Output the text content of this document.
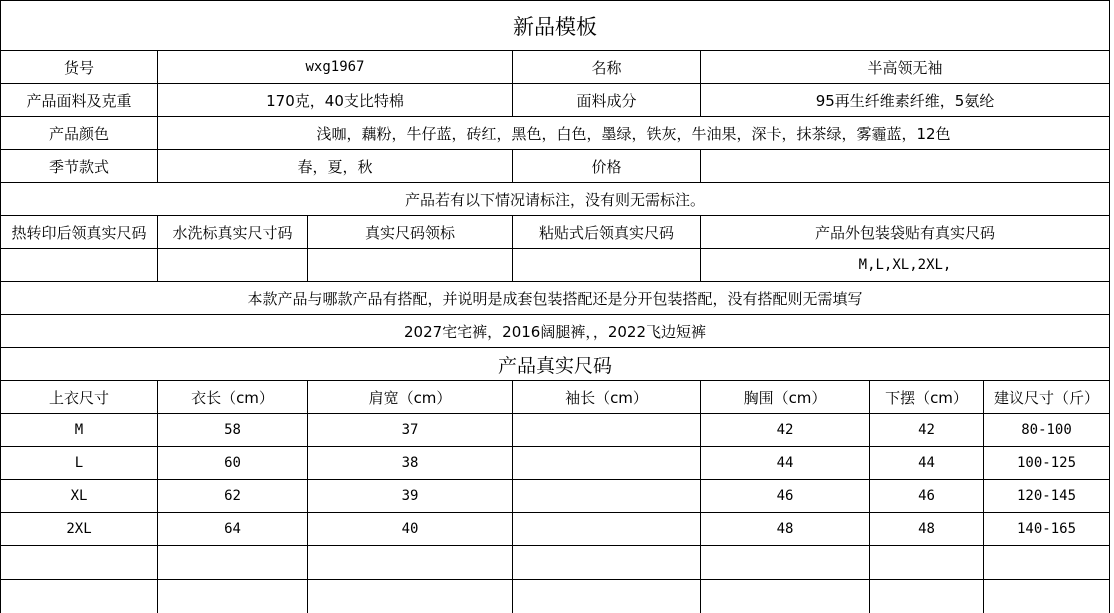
新品模板						
货号	wxg1967		名称	半高领无袖		
产品面料及克重	170克，40支比特棉		面料成分	95再生纤维素纤维，5氨纶		
产品颜色	浅咖，藕粉，牛仔蓝，砖红，黑色，白色，墨绿，铁灰，牛油果，深卡，抹茶绿，雾霾蓝，12色					
季节款式	春，夏，秋		价格			
产品若有以下情况请标注，没有则无需标注。						
热转印后领真实尺码	水洗标真实尺寸码	真实尺码领标	粘贴式后领真实尺码	产品外包装袋贴有真实尺码		
				M,L,XL,2XL,		
本款产品与哪款产品有搭配，并说明是成套包装搭配还是分开包装搭配，没有搭配则无需填写						
2027宅宅裤，2016阔腿裤，，2022飞边短裤						
产品真实尺码						
上衣尺寸	衣长（cm）	肩宽（cm）	袖长（cm）	胸围（cm）	下摆（cm）	建议尺寸（斤）
M	58	37		42	42	80-100
L	60	38		44	44	100-125
XL	62	39		46	46	120-145
2XL	64	40		48	48	140-165
